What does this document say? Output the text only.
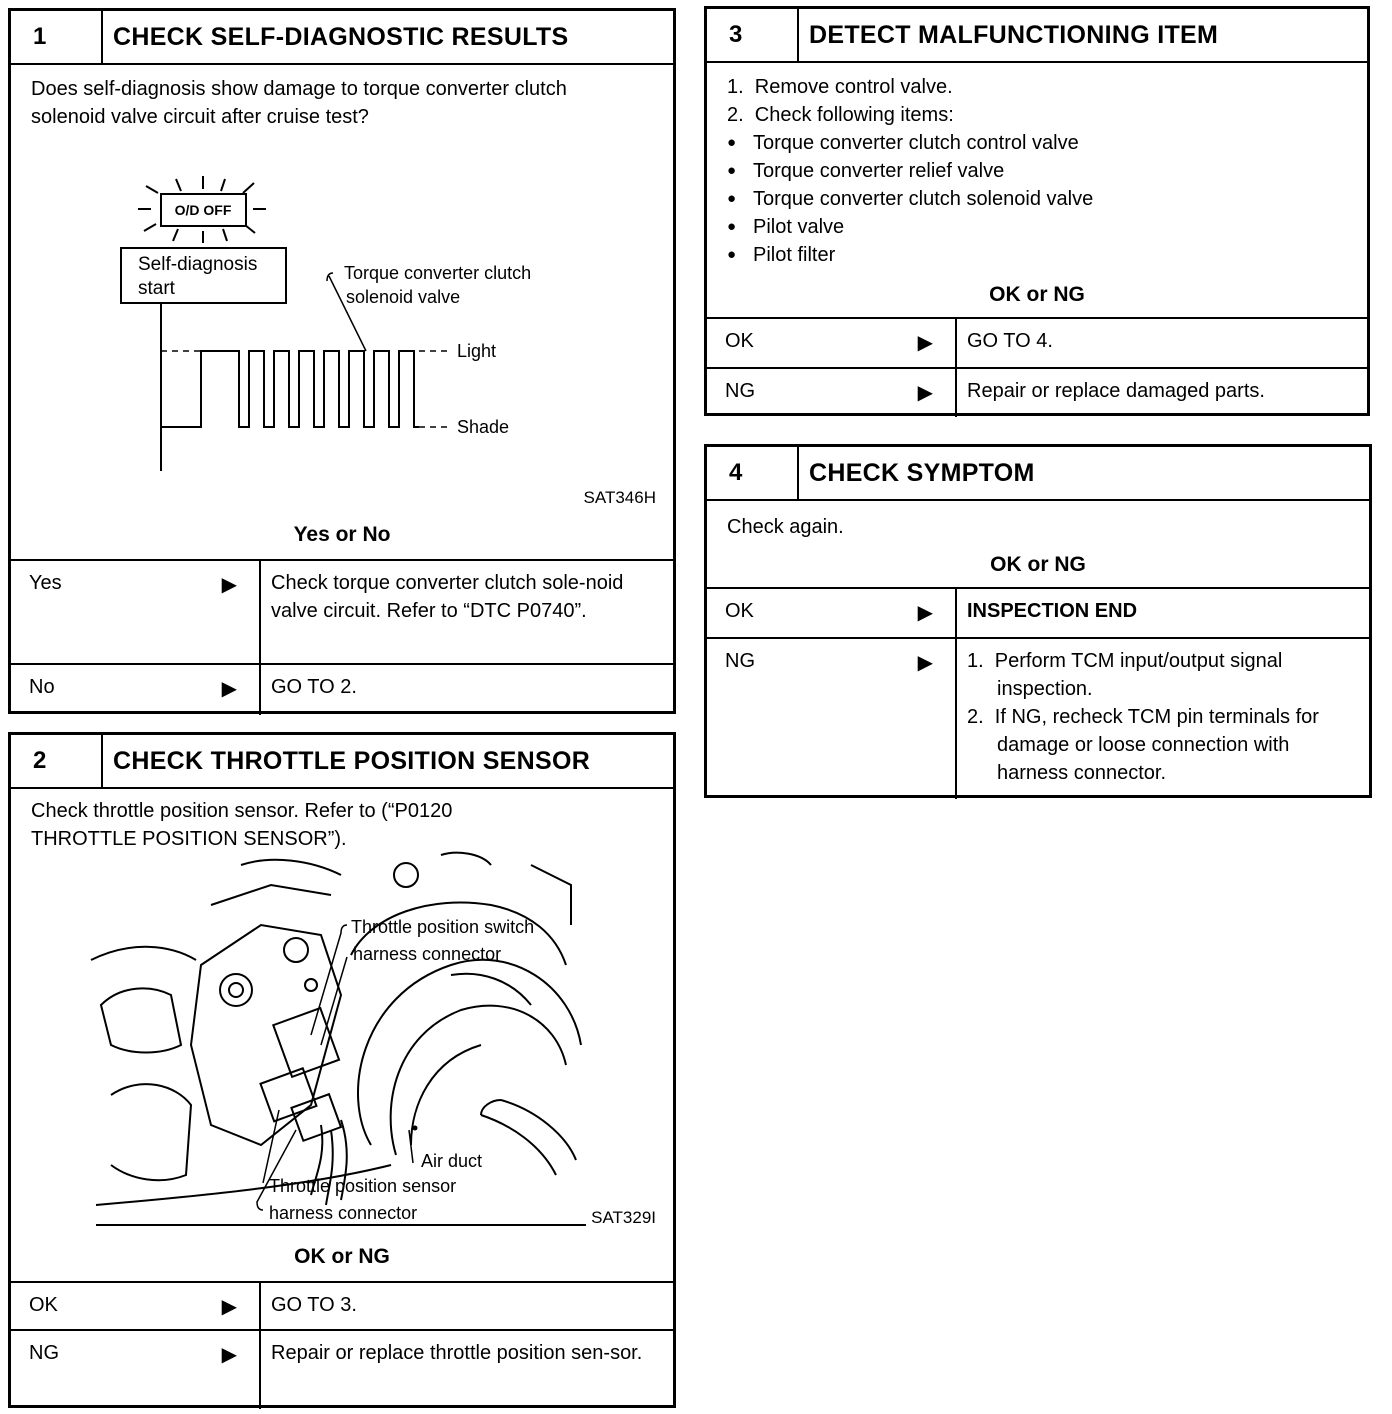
1	CHECK SELF-DIAGNOSTIC RESULTS
Does self-diagnosis show damage to torque converter clutch solenoid valve circuit after cruise test?
O/D OFF
Self-diagnosis
start
Torque converter clutch
solenoid valve
Light
Shade
SAT346H
Yes or No
Yes	▶	Check torque converter clutch sole-noid valve circuit. Refer to “DTC P0740”.
No	▶	GO TO 2.
2	CHECK THROTTLE POSITION SENSOR
Check throttle position sensor. Refer to (“P0120 THROTTLE POSITION SENSOR”).
Throttle position switch
harness connector
Air duct
Throttle position sensor
harness connector	SAT329I
OK or NG
OK	▶	GO TO 3.
NG	▶	Repair or replace throttle position sen-sor.
3	DETECT MALFUNCTIONING ITEM
1.  Remove control valve.
2.  Check following items:
● Torque converter clutch control valve
● Torque converter relief valve
● Torque converter clutch solenoid valve
● Pilot valve
● Pilot filter
OK or NG
OK	▶	GO TO 4.
NG	▶	Repair or replace damaged parts.
4	CHECK SYMPTOM
Check again.
OK or NG
OK	▶	INSPECTION END
NG	▶ 1.  Perform TCM input/output signal inspection.
2.  If NG, recheck TCM pin terminals for damage or loose connection with harness connector.
